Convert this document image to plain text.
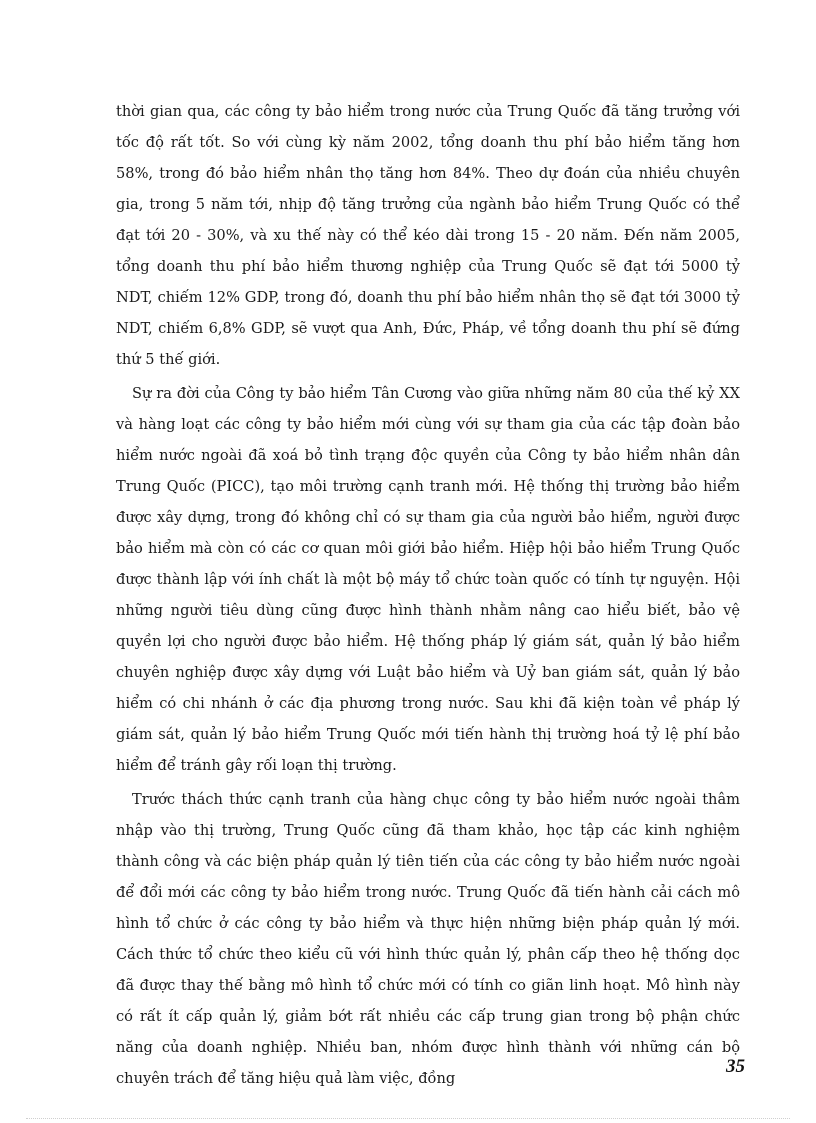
thời gian qua, các công ty bảo hiểm trong nước của Trung Quốc đã tăng trưởng với tốc độ rất tốt. So với cùng kỳ năm 2002, tổng doanh thu phí bảo hiểm tăng hơn 58%, trong đó bảo hiểm nhân thọ tăng hơn 84%. Theo dự đoán của nhiều chuyên gia, trong 5 năm tới, nhịp độ tăng trưởng của ngành bảo hiểm Trung Quốc có thể đạt tới 20 - 30%, và xu thế này có thể kéo dài trong 15 - 20 năm. Đến năm 2005, tổng doanh thu phí bảo hiểm thương nghiệp của Trung Quốc sẽ đạt tới 5000 tỷ NDT, chiếm 12% GDP, trong đó, doanh thu phí bảo hiểm nhân thọ sẽ đạt tới 3000 tỷ NDT, chiếm 6,8% GDP, sẽ vượt qua Anh, Đức, Pháp, về tổng doanh thu phí sẽ đứng thứ 5 thế giới.

Sự ra đời của Công ty bảo hiểm Tân Cương vào giữa những năm 80 của thế kỷ XX và hàng loạt các công ty bảo hiểm mới cùng với sự tham gia của các tập đoàn bảo hiểm nước ngoài đã xoá bỏ tình trạng độc quyền của Công ty bảo hiểm nhân dân Trung Quốc (PICC), tạo môi trường cạnh tranh mới. Hệ thống thị trường bảo hiểm được xây dựng, trong đó không chỉ có sự tham gia của người bảo hiểm, người được bảo hiểm mà còn có các cơ quan môi giới bảo hiểm. Hiệp hội bảo hiểm Trung Quốc được thành lập với ính chất là một bộ máy tổ chức toàn quốc có tính tự nguyện. Hội những người tiêu dùng cũng được hình thành nhằm nâng cao hiểu biết, bảo vệ quyền lợi cho người được bảo hiểm. Hệ thống pháp lý giám sát, quản lý bảo hiểm chuyên nghiệp được xây dựng với Luật bảo hiểm và Uỷ ban giám sát, quản lý bảo hiểm có chi nhánh ở các địa phương trong nước. Sau khi đã kiện toàn về pháp lý giám sát, quản lý bảo hiểm Trung Quốc mới tiến hành thị trường hoá tỷ lệ phí bảo hiểm để tránh gây rối loạn thị trường.

Trước thách thức cạnh tranh của hàng chục công ty bảo hiểm nước ngoài thâm nhập vào thị trường, Trung Quốc cũng đã tham khảo, học tập các kinh nghiệm thành công và các biện pháp quản lý tiên tiến của các công ty bảo hiểm nước ngoài để đổi mới các công ty bảo hiểm trong nước. Trung Quốc đã tiến hành cải cách mô hình tổ chức ở các công ty bảo hiểm và thực hiện những biện pháp quản lý mới. Cách thức tổ chức theo kiểu cũ với hình thức quản lý, phân cấp theo hệ thống dọc đã được thay thế bằng mô hình tổ chức mới có tính co giãn linh hoạt. Mô hình này có rất ít cấp quản lý, giảm bớt rất nhiều các cấp trung gian trong bộ phận chức năng của doanh nghiệp. Nhiều ban, nhóm được hình thành với những cán bộ chuyên trách để tăng hiệu quả làm việc, đồng

35
